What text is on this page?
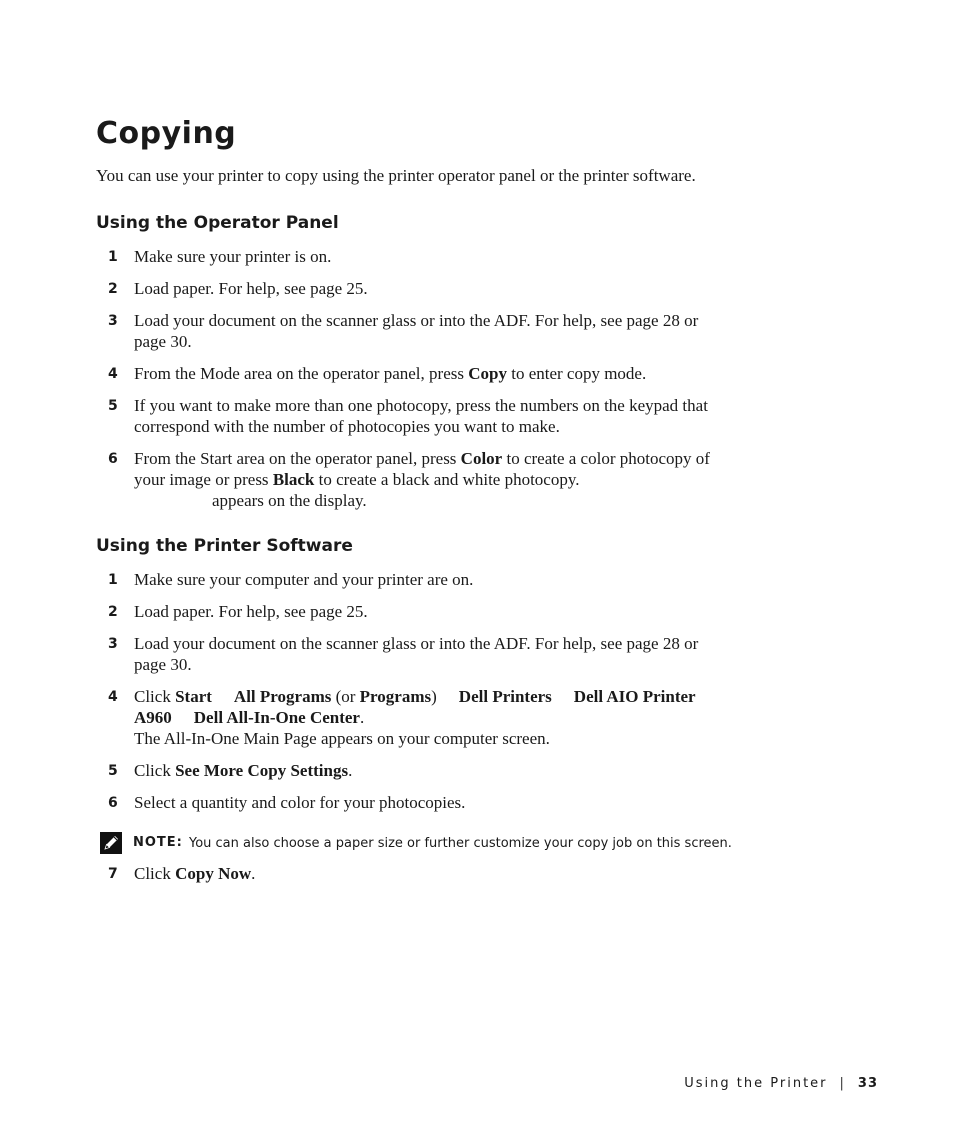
Copying
You can use your printer to copy using the printer operator panel or the printer software.
Using the Operator Panel
1 Make sure your printer is on.
2 Load paper. For help, see page 25.
3 Load your document on the scanner glass or into the ADF. For help, see page 28 or
page 30.
4 From the Mode area on the operator panel, press Copy to enter copy mode.
5 If you want to make more than one photocopy, press the numbers on the keypad that
correspond with the number of photocopies you want to make.
6 From the Start area on the operator panel, press Color to create a color photocopy of
your image or press Black to create a black and white photocopy.
appears on the display.
Using the Printer Software
1 Make sure your computer and your printer are on.
2 Load paper. For help, see page 25.
3 Load your document on the scanner glass or into the ADF. For help, see page 28 or
page 30.
4 Click Start All Programs (or Programs) Dell Printers Dell AIO Printer
A960 Dell All-In-One Center.
The All-In-One Main Page appears on your computer screen.
5 Click See More Copy Settings.
6 Select a quantity and color for your photocopies.
NOTE: You can also choose a paper size or further customize your copy job on this screen.
7 Click Copy Now.
Using the Printer | 33
